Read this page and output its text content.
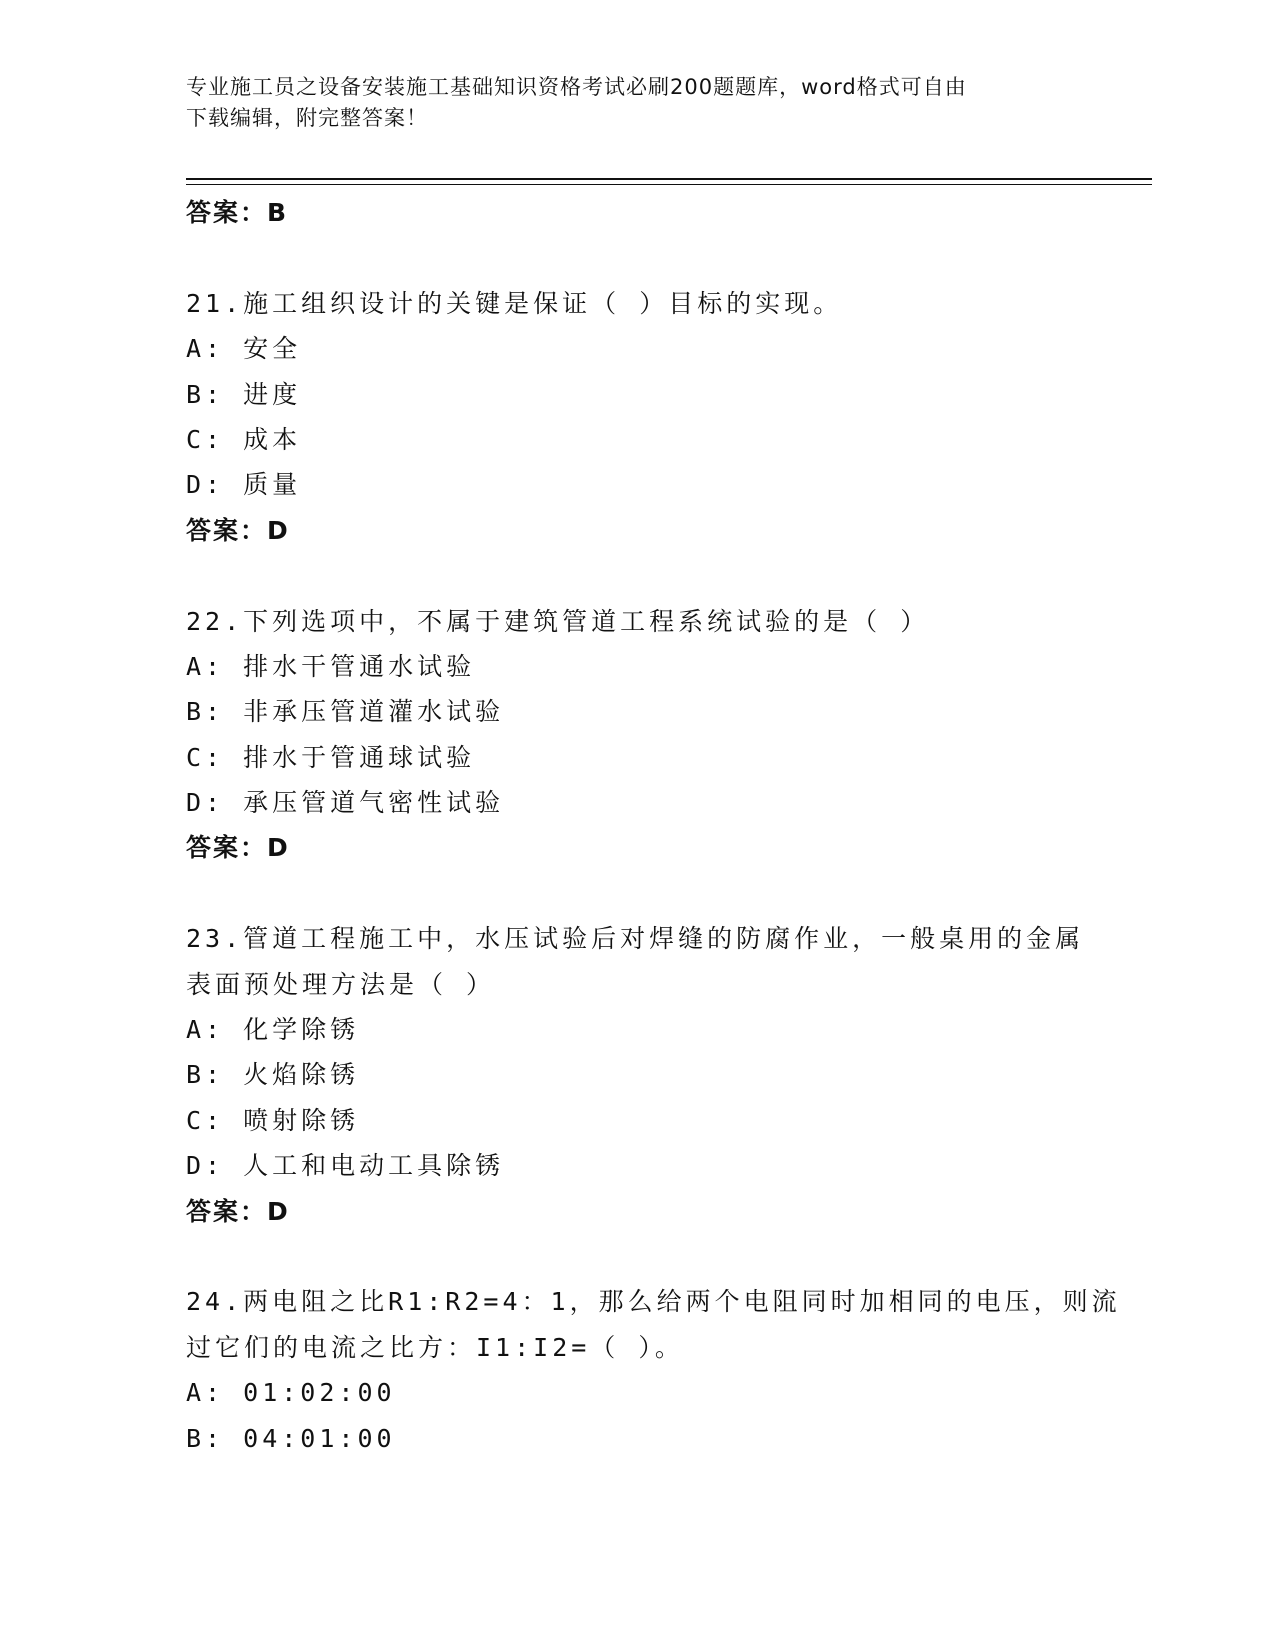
专业施工员之设备安装施工基础知识资格考试必刷200题题库，word格式可自由
下载编辑，附完整答案！
答案：B
21.施工组织设计的关键是保证（ ）目标的实现。
A: 安全
B: 进度
C: 成本
D: 质量
答案：D
22.下列选项中，不属于建筑管道工程系统试验的是（ ）
A: 排水干管通水试验
B: 非承压管道灌水试验
C: 排水于管通球试验
D: 承压管道气密性试验
答案：D
23.管道工程施工中，水压试验后对焊缝的防腐作业，一般桌用的金属
表面预处理方法是（ ）
A: 化学除锈
B: 火焰除锈
C: 喷射除锈
D: 人工和电动工具除锈
答案：D
24.两电阻之比R1:R2=4：1，那么给两个电阻同时加相同的电压，则流
过它们的电流之比方：I1:I2=（ ）。
A: 01:02:00
B: 04:01:00
